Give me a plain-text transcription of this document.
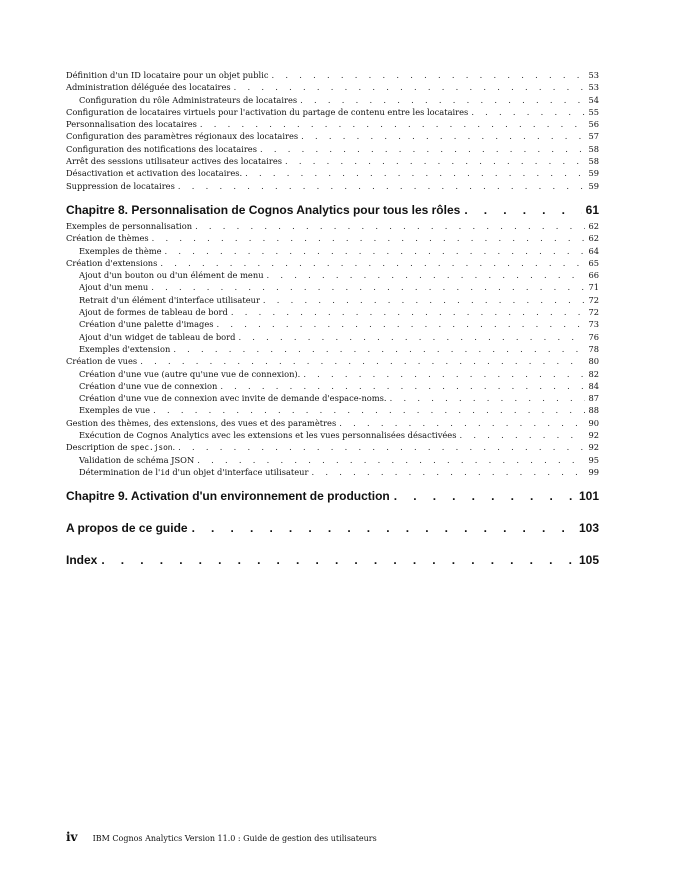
Définition d'un ID locataire pour un objet public . . .	53
Administration déléguée des locataires . . .	53
Configuration du rôle Administrateurs de locataires . . .	54
Configuration de locataires virtuels pour l'activation du partage de contenu entre les locataires . . .	55
Personnalisation des locataires . . .	56
Configuration des paramètres régionaux des locataires . . .	57
Configuration des notifications des locataires . . .	58
Arrêt des sessions utilisateur actives des locataires . . .	58
Désactivation et activation des locataires. . . .	59
Suppression de locataires . . .	59
Chapitre 8. Personnalisation de Cognos Analytics pour tous les rôles . . .	61
Exemples de personnalisation . . .	62
Création de thèmes . . .	62
Exemples de thème . . .	64
Création d'extensions . . .	65
Ajout d'un bouton ou d'un élément de menu . . .	66
Ajout d'un menu . . .	71
Retrait d'un élément d'interface utilisateur . . .	72
Ajout de formes de tableau de bord . . .	72
Création d'une palette d'images . . .	73
Ajout d'un widget de tableau de bord . . .	76
Exemples d'extension . . .	78
Création de vues . . .	80
Création d'une vue (autre qu'une vue de connexion). . . .	82
Création d'une vue de connexion . . .	84
Création d'une vue de connexion avec invite de demande d'espace-noms. . . .	87
Exemples de vue . . .	88
Gestion des thèmes, des extensions, des vues et des paramètres . . .	90
Exécution de Cognos Analytics avec les extensions et les vues personnalisées désactivées . . .	92
Description de spec.json. . . .	92
Validation de schéma JSON . . .	95
Détermination de l'id d'un objet d'interface utilisateur . . .	99
Chapitre 9. Activation d'un environnement de production . . .	101
A propos de ce guide . . .	103
Index . . .	105
iv IBM Cognos Analytics Version 11.0 : Guide de gestion des utilisateurs
